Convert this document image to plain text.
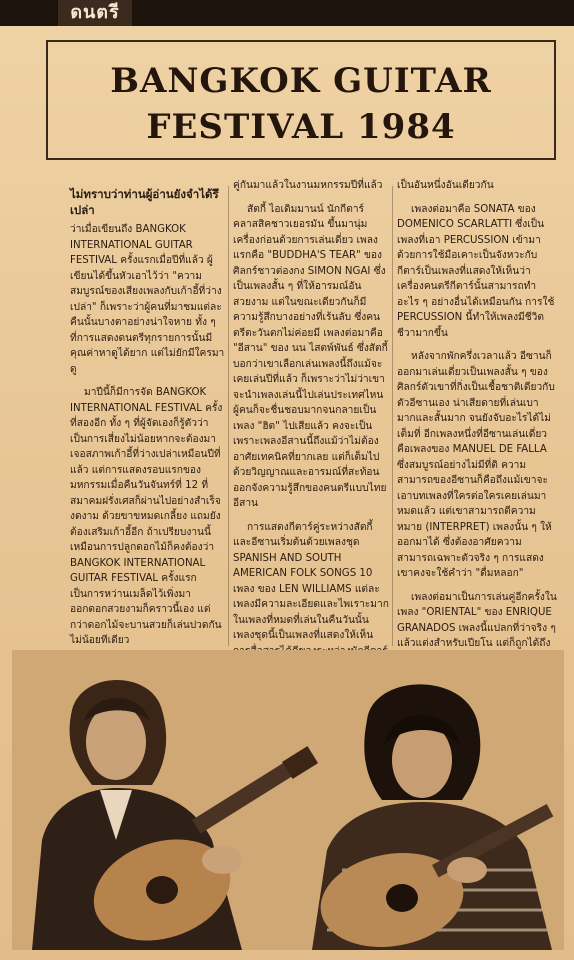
ดนตรี
BANGKOK GUITAR
FESTIVAL 1984
ไม่ทราบว่าท่านผู้อ่านยังจำได้รึเปล่า

ว่าเมื่อเขียนถึง BANGKOK INTERNATIONAL GUITAR FESTIVAL ครั้งแรกเมื่อปีที่แล้ว ผู้เขียนได้ขึ้นหัวเอาไว้ว่า "ความสมบูรณ์ของเสียงเพลงกับเก้าอี้ที่ว่างเปล่า" ก็เพราะว่าผู้คนที่มาชมแต่ละคืนนั้นบางตาอย่างน่าใจหาย ทั้ง ๆ ที่การแสดงดนตรีทุกรายการนั้นมีคุณค่าหาดูได้ยาก แต่ไม่ยักมีใครมาดู

มาปีนี้ก็มีการจัด BANGKOK INTERNATIONAL FESTIVAL ครั้งที่สองอีก ทั้ง ๆ ที่ผู้จัดเองก็รู้ตัวว่าเป็นการเสี่ยงไม่น้อยหากจะต้องมาเจอสภาพเก้าอี้ที่ว่างเปล่าเหมือนปีที่แล้ว แต่การแสดงรอบแรกของมหกรรมเมื่อคืนวันจันทร์ที่ 12 ที่สมาคมฝรั่งเศสก็ผ่านไปอย่างสำเร็จงดงาม ด้วยขาขหมดเกลี้ยง แถมยังต้องเสริมเก้าอี้อีก ถ้าเปรียบงานนี้เหมือนการปลูกดอกไม้ก็คงต้องว่า BANGKOK INTERNATIONAL GUITAR FESTIVAL ครั้งแรก เป็นการหว่านเมล็ดไว้เพิ่งมาออกดอกสวยงามก็คราวนี้เอง แต่กว่าดอกไม้จะบานสวยก็เล่นปวดกันไม่น้อยทีเดียว

คู่กันมาแล้วในงานมหกรรมปีที่แล้ว

สัตกี้ ไอเดิมมานน์ นักกีตาร์คลาสสิคชาวเยอรมัน ขึ้นมานุ่มเครื่องก่อนด้วยการเล่นเดี่ยว เพลงแรกคือ "BUDDHA'S TEAR" ของศิลกร์ชาวต่องกง SIMON NGAI ซึ่งเป็นเพลงสั้น ๆ ที่ให้อารมณ์อันสวยงาม แต่ในขณะเดียวกันก็มีความรู้สึกบางอย่างที่เร้นลับ ซึ่งคนตรีตะวันตกไม่ค่อยมี เพลงต่อมาคือ "อีสาน" ของ นน ไสตพ์พันธ์ ซึ่งสัตกี้บอกว่าเขาเลือกเล่นเพลงนี้ถึงแม้จะเคยเล่นปีที่แล้ว ก็เพราะว่าไม่ว่าเขาจะนำเพลงเล่นนี้ไปเล่นประเทศไหนผู้คนก็จะชื่นชอบมากจนกลายเป็นเพลง "ฮิต" ไปเสียแล้ว คงจะเป็นเพราะเพลงอีสานนี้ถึงแม้ว่าไม่ต้องอาศัยเทคนิคที่ยากเลย แต่ก็เต็มไปด้วยวิญญาณและอารมณ์ที่สะท้อนออกจังความรู้สึกของคนตรีแบบไทยอีสาน

การแสดงกีตาร์คู่ระหว่างสัตกี้ และอีซานเริ่มต้นด้วยเพลงชุด SPANISH AND SOUTH AMERICAN FOLK SONGS 10 เพลง ของ LEN WILLIAMS แต่ละเพลงมีความละเอียดและไพเราะมาก ในเพลงที่หมดที่เล่นในคืนวันนั้น เพลงชุดนี้เป็นเพลงที่แสดงให้เห็น

เป็นอันหนึ่งอันเดียวกัน

เพลงต่อมาคือ SONATA ของ DOMENICO SCARLATTI ซึ่งเป็นเพลงที่เอา PERCUSSION เข้ามาด้วยการใช้มือเคาะเป็นจังหวะกับกีตาร์เป็นเพลงที่แสดงให้เห็นว่าเครื่องคนตรีกีตาร์นั้นสามารถทำอะไร ๆ อย่างอื่นได้เหมือนกัน การใช้ PERCUSSION นี้ทำให้เพลงมีชีวิตชีวามากขึ้น

หลังจากพักครึ่งเวลาแล้ว อีซานก็ออกมาเล่นเดี่ยวเป็นเพลงสั้น ๆ ของศิลกร์ตัวเขาที่กิ่งเป็นเชื้อชาติเดียวกับตัวอีซานเอง น่าเสียดายที่เล่นเบามากและสั้นมาก จนยังจับอะไรได้ไม่เต็มที่ อีกเพลงหนึ่งที่อีซานเล่นเดี่ยวคือเพลงของ MANUEL DE FALLA ซึ่งสมบูรณ์อย่างไม่มีที่ติ ความสามารถของอีซานก็คือถึงแม้เขาจะเอาบทเพลงที่ใครต่อใครเคยเล่นมาหมดแล้ว แต่เขาสามารถตีความหมาย (INTERPRET) เพลงนั้น ๆ ให้ออกมาได้ ซึ่งต้องอาศัยความสามารถเฉพาะตัวจริง ๆ การแสดงเขาคงจะใช้คำว่า "ดื่มหลอก"

เพลงต่อมาเป็นการเล่นคู่อีกครั้งในเพลง "ORIENTAL" ของ ENRIQUE GRANADOS เพลงนี้แปลกที่ว่าจริง ๆ แล้วแต่งสำหรับเปียโน แต่ก็ถูกได้ถึง
